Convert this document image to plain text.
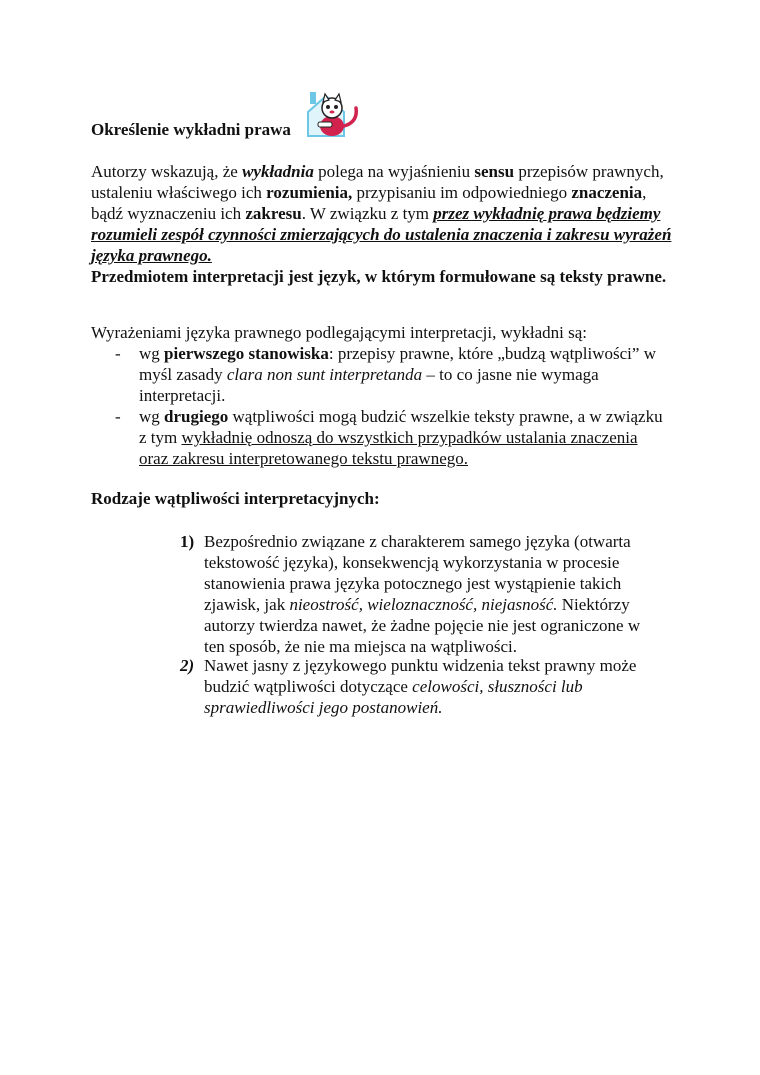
Określenie wykładni prawa
Autorzy wskazują, że wykładnia polega na wyjaśnieniu sensu przepisów prawnych, ustaleniu właściwego ich rozumienia, przypisaniu im odpowiedniego znaczenia, bądź wyznaczeniu ich zakresu. W związku z tym przez wykładnię prawa będziemy rozumieli zespół czynności zmierzających do ustalenia znaczenia i zakresu wyrażeń języka prawnego.
Przedmiotem interpretacji jest język, w którym formułowane są teksty prawne.
Wyrażeniami języka prawnego podlegającymi interpretacji, wykładni są:
- wg pierwszego stanowiska: przepisy prawne, które „budzą wątpliwości” w myśl zasady clara non sunt interpretanda – to co jasne nie wymaga interpretacji.
- wg drugiego wątpliwości mogą budzić wszelkie teksty prawne, a w związku z tym wykładnię odnoszą do wszystkich przypadków ustalania znaczenia oraz zakresu interpretowanego tekstu prawnego.
Rodzaje wątpliwości interpretacyjnych:
1) Bezpośrednio związane z charakterem samego języka (otwarta tekstowość języka), konsekwencją wykorzystania w procesie stanowienia prawa języka potocznego jest wystąpienie takich zjawisk, jak nieostrość, wieloznaczność, niejasność. Niektórzy autorzy twierdza nawet, że żadne pojęcie nie jest ograniczone w ten sposób, że nie ma miejsca na wątpliwości.
2) Nawet jasny z językowego punktu widzenia tekst prawny może budzić wątpliwości dotyczące celowości, słuszności lub sprawiedliwości jego postanowień.
